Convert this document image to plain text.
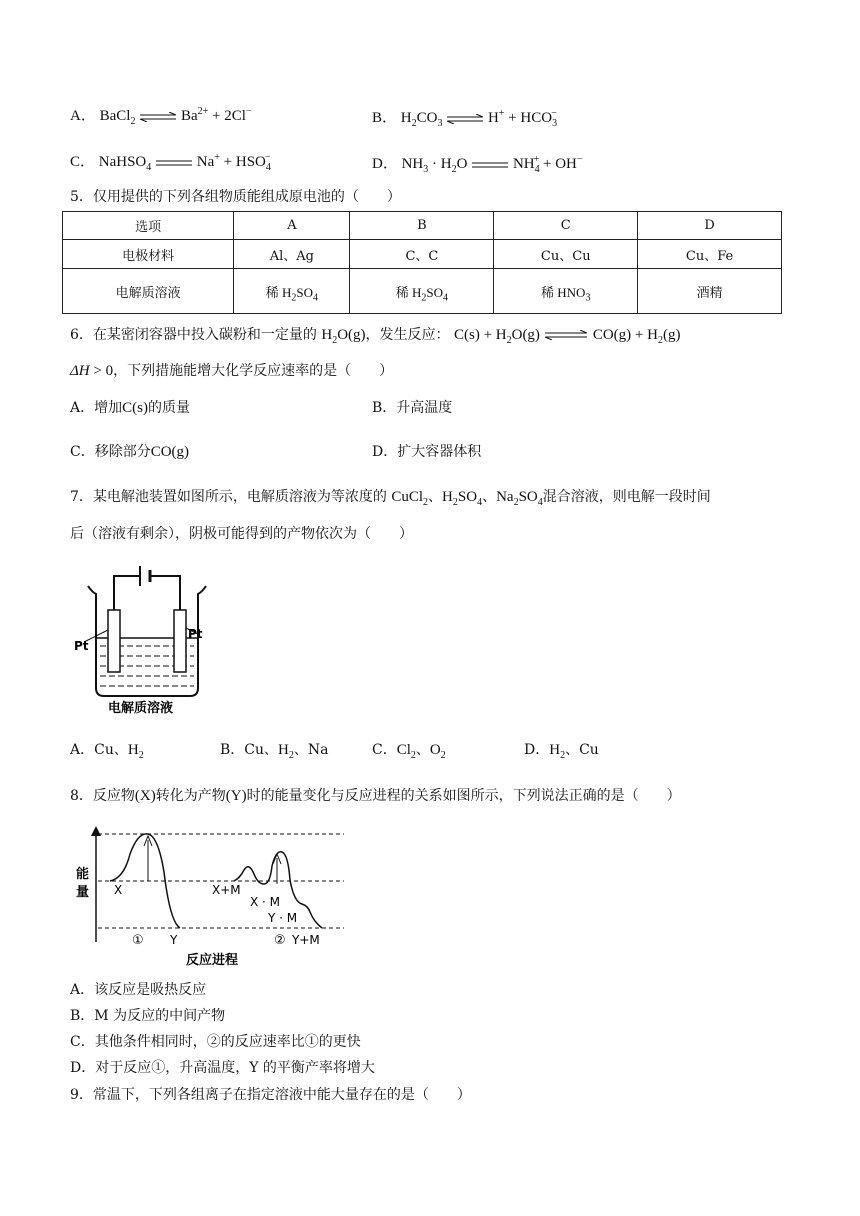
A． BaCl$_2$ ⇌ $Ba^{2+} + 2Cl^-$	B． $H_2CO_3$ ⇌ $H^+ + HCO_3^-$
C． NaHSO$_4$	$Na^+ + HSO_4^-$	D． $NH_3 \cdot H_2O$	$NH_4^+ + OH^-$
5．仅用提供的下列各组物质能组成原电池的（　　）
选项	A	B	C	D
电极材料	Al、Ag	C、C	Cu、Cu	Cu、Fe
电解质溶液	稀 $H_2SO_4$	稀 $H_2SO_4$	稀 $HNO_3$	酒精
6．在某密闭容器中投入碳粉和一定量的 $H_2O(g)$，发生反应： $C(s) + H_2O(g)$ ⇌ $CO(g) + H_2(g)$
ΔH > 0，下列措施能增大化学反应速率的是（　　）
A．增加C(s)的质量	B．升高温度
C．移除部分CO(g)	D．扩大容器体积
7．某电解池装置如图所示，电解质溶液为等浓度的 CuCl$_2$、$H_2SO_4$、$Na_2SO_4$混合溶液，则电解一段时间
后（溶液有剩余），阴极可能得到的产物依次为（　　）
Pt
Pt
电解质溶液
A．Cu、$H_2$	B．Cu、$H_2$、Na	C．$Cl_2$、$O_2$	D．$H_2$、Cu
8．反应物(X)转化为产物(Y)时的能量变化与反应进程的关系如图所示，下列说法正确的是（　　）
能
量 X
Y
①
X+M
X · M
Y · M
② Y+M
反应进程
A．该反应是吸热反应
B．M 为反应的中间产物
C．其他条件相同时，②的反应速率比①的更快
D．对于反应①，升高温度，Y 的平衡产率将增大
9．常温下，下列各组离子在指定溶液中能大量存在的是（　　）
